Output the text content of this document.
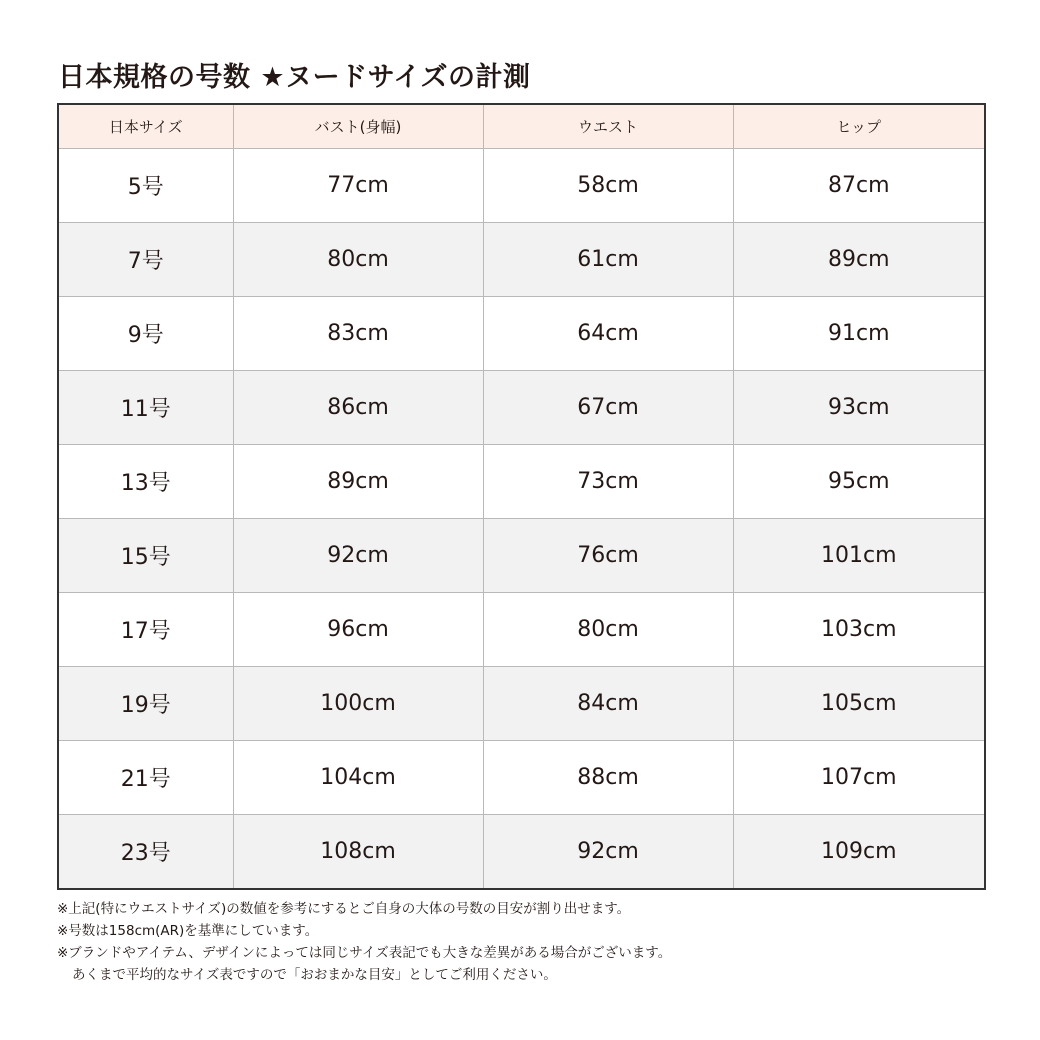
日本規格の号数 ★ヌードサイズの計測
日本サイズ	バスト(身幅)	ウエスト	ヒップ
5号	77cm	58cm	87cm
7号	80cm	61cm	89cm
9号	83cm	64cm	91cm
11号	86cm	67cm	93cm
13号	89cm	73cm	95cm
15号	92cm	76cm	101cm
17号	96cm	80cm	103cm
19号	100cm	84cm	105cm
21号	104cm	88cm	107cm
23号	108cm	92cm	109cm
※上記(特にウエストサイズ)の数値を参考にするとご自身の大体の号数の目安が割り出せます。
※号数は158cm(AR)を基準にしています。
※ブランドやアイテム、デザインによっては同じサイズ表記でも大きな差異がある場合がございます。
あくまで平均的なサイズ表ですので「おおまかな目安」としてご利用ください。
